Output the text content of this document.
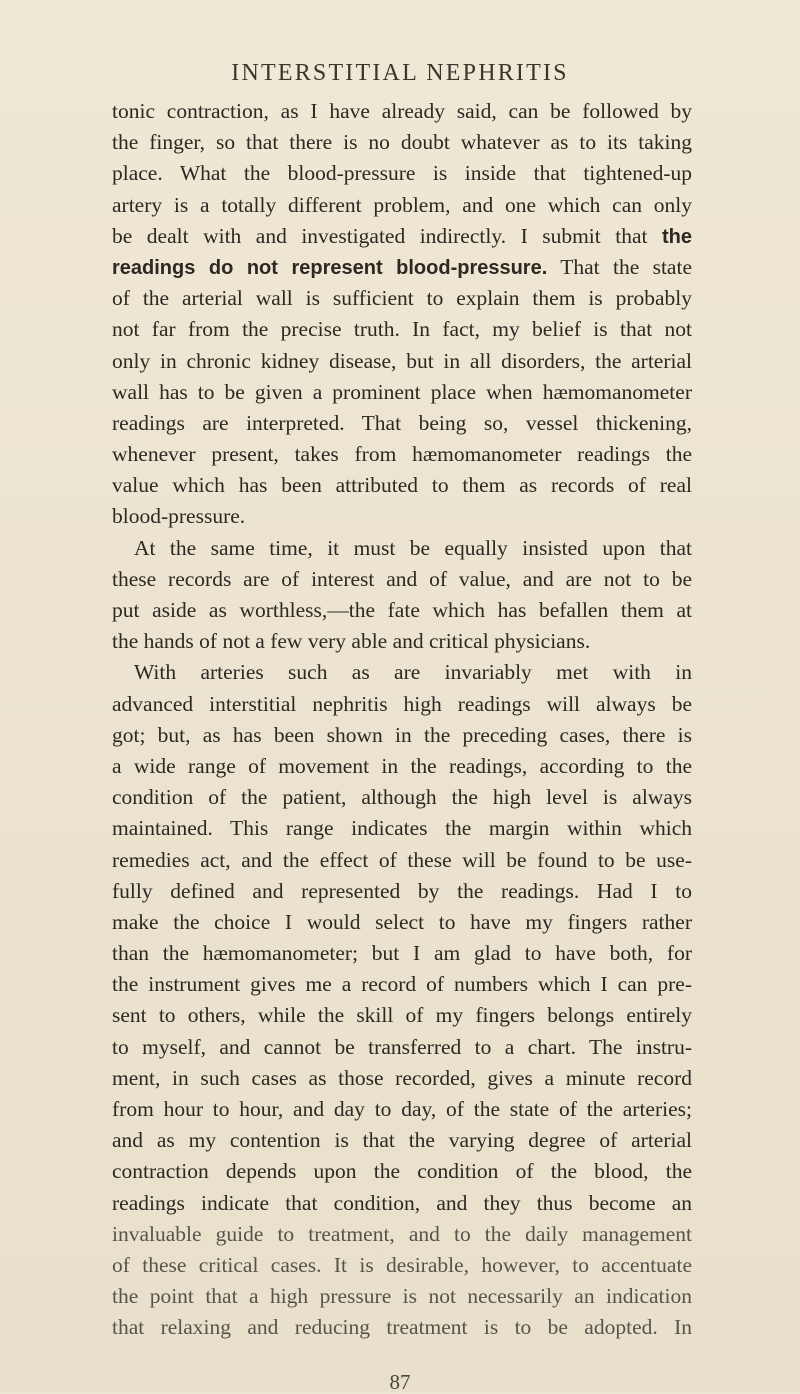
INTERSTITIAL NEPHRITIS
tonic contraction, as I have already said, can be followed by
the finger, so that there is no doubt whatever as to its taking
place. What the blood-pressure is inside that tightened-up
artery is a totally different problem, and one which can only
be dealt with and investigated indirectly. I submit that the
readings do not represent blood-pressure. That the state
of the arterial wall is sufficient to explain them is probably
not far from the precise truth. In fact, my belief is that not
only in chronic kidney disease, but in all disorders, the arterial
wall has to be given a prominent place when hæmomanometer
readings are interpreted. That being so, vessel thickening,
whenever present, takes from hæmomanometer readings the
value which has been attributed to them as records of real
blood-pressure.
At the same time, it must be equally insisted upon that
these records are of interest and of value, and are not to be
put aside as worthless,—the fate which has befallen them at
the hands of not a few very able and critical physicians.
With arteries such as are invariably met with in
advanced interstitial nephritis high readings will always be
got; but, as has been shown in the preceding cases, there is
a wide range of movement in the readings, according to the
condition of the patient, although the high level is always
maintained. This range indicates the margin within which
remedies act, and the effect of these will be found to be use-
fully defined and represented by the readings. Had I to
make the choice I would select to have my fingers rather
than the hæmomanometer; but I am glad to have both, for
the instrument gives me a record of numbers which I can pre-
sent to others, while the skill of my fingers belongs entirely
to myself, and cannot be transferred to a chart. The instru-
ment, in such cases as those recorded, gives a minute record
from hour to hour, and day to day, of the state of the arteries;
and as my contention is that the varying degree of arterial
contraction depends upon the condition of the blood, the
readings indicate that condition, and they thus become an
invaluable guide to treatment, and to the daily management
of these critical cases. It is desirable, however, to accentuate
the point that a high pressure is not necessarily an indication
that relaxing and reducing treatment is to be adopted. In
87
